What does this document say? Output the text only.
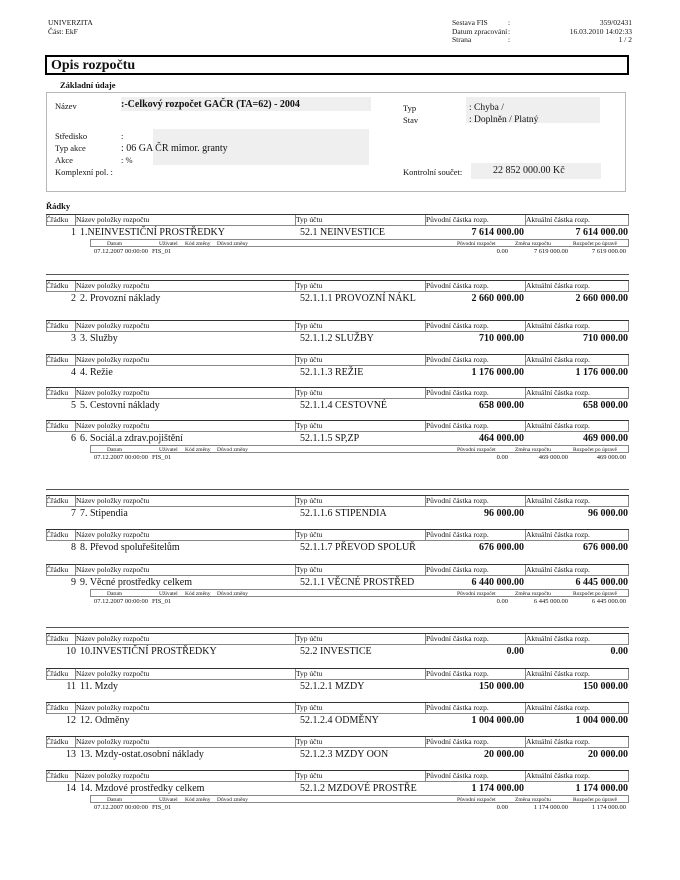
UNIVERZITA
Část: EkF
Sestava FIS	:	359/02431
Datum zpracování :	16.03.2010 14:02:33
Strana	:	1 / 2
Opis rozpočtu
Základní údaje
Název	:-Celkový rozpočet GAČR (TA=62) - 2004
Středisko	:
Typ akce	: 06 GA ČR mimor. granty
Akce	: %
Komplexní pol. :
Typ	: Chyba /
Stav	: Doplněn / Platný
Kontrolní součet:	22 852 000.00 Kč
Řádky
Čřádku Název položky rozpočtu	Typ účtu	Původní částka rozp.	Aktuální částka rozp.
1 1.NEINVESTIČNÍ PROSTŘEDKY	52.1 NEINVESTICE	7 614 000.00	7 614 000.00
Datum	Uživatel Kód změny Důvod změny	Původní rozpočet	Změna rozpočtu	Rozpočet po úpravě
07.12.2007 00:00:00 FIS_01	0.00	7 619 000.00	7 619 000.00
Čřádku Název položky rozpočtu	Typ účtu	Původní částka rozp.	Aktuální částka rozp.
2 2. Provozní náklady	52.1.1.1 PROVOZNÍ NÁKL	2 660 000.00	2 660 000.00
Čřádku Název položky rozpočtu	Typ účtu	Původní částka rozp.	Aktuální částka rozp.
3 3. Služby	52.1.1.2 SLUŽBY	710 000.00	710 000.00
Čřádku Název položky rozpočtu	Typ účtu	Původní částka rozp.	Aktuální částka rozp.
4 4. Režie	52.1.1.3 REŽIE	1 176 000.00	1 176 000.00
Čřádku Název položky rozpočtu	Typ účtu	Původní částka rozp.	Aktuální částka rozp.
5 5. Cestovní náklady	52.1.1.4 CESTOVNÉ	658 000.00	658 000.00
Čřádku Název položky rozpočtu	Typ účtu	Původní částka rozp.	Aktuální částka rozp.
6 6. Sociál.a zdrav.pojištění	52.1.1.5 SP,ZP	464 000.00	469 000.00
Datum	Uživatel Kód změny Důvod změny	Původní rozpočet	Změna rozpočtu	Rozpočet po úpravě
07.12.2007 00:00:00 FIS_01	0.00	469 000.00	469 000.00
Čřádku Název položky rozpočtu	Typ účtu	Původní částka rozp.	Aktuální částka rozp.
7 7. Stipendia	52.1.1.6 STIPENDIA	96 000.00	96 000.00
Čřádku Název položky rozpočtu	Typ účtu	Původní částka rozp.	Aktuální částka rozp.
8 8. Převod spoluřešitelům	52.1.1.7 PŘEVOD SPOLUŘ	676 000.00	676 000.00
Čřádku Název položky rozpočtu	Typ účtu	Původní částka rozp.	Aktuální částka rozp.
9 9. Věcné prostředky celkem	52.1.1 VĚCNÉ PROSTŘED	6 440 000.00	6 445 000.00
Datum	Uživatel Kód změny Důvod změny	Původní rozpočet	Změna rozpočtu	Rozpočet po úpravě
07.12.2007 00:00:00 FIS_01	0.00	6 445 000.00	6 445 000.00
Čřádku Název položky rozpočtu	Typ účtu	Původní částka rozp.	Aktuální částka rozp.
10 10.INVESTIČNÍ PROSTŘEDKY	52.2 INVESTICE	0.00	0.00
Čřádku Název položky rozpočtu	Typ účtu	Původní částka rozp.	Aktuální částka rozp.
11 11. Mzdy	52.1.2.1 MZDY	150 000.00	150 000.00
Čřádku Název položky rozpočtu	Typ účtu	Původní částka rozp.	Aktuální částka rozp.
12 12. Odměny	52.1.2.4 ODMĚNY	1 004 000.00	1 004 000.00
Čřádku Název položky rozpočtu	Typ účtu	Původní částka rozp.	Aktuální částka rozp.
13 13. Mzdy-ostat.osobní náklady	52.1.2.3 MZDY OON	20 000.00	20 000.00
Čřádku Název položky rozpočtu	Typ účtu	Původní částka rozp.	Aktuální částka rozp.
14 14. Mzdové prostředky celkem	52.1.2 MZDOVÉ PROSTŘE	1 174 000.00	1 174 000.00
Datum	Uživatel Kód změny Důvod změny	Původní rozpočet	Změna rozpočtu	Rozpočet po úpravě
07.12.2007 00:00:00 FIS_01	0.00	1 174 000.00	1 174 000.00
